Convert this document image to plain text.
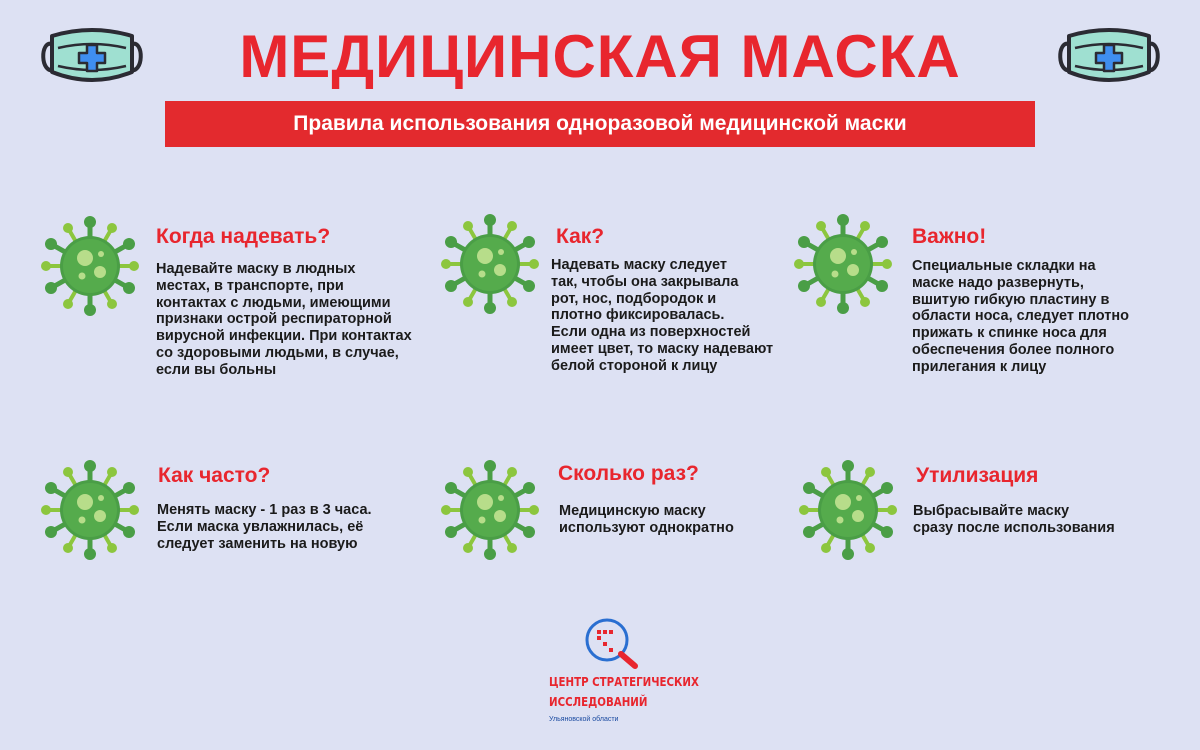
МЕДИЦИНСКАЯ МАСКА
Правила использования одноразовой медицинской маски
Когда надевать?
Надевайте маску в людных
местах, в транспорте, при
контактах с людьми, имеющими
признаки острой респираторной
вирусной инфекции. При контактах
со здоровыми людьми, в случае,
если вы больны
Как?
Надевать маску следует
так, чтобы она закрывала
рот, нос, подбородок и
плотно фиксировалась.
Если одна из поверхностей
имеет цвет, то маску надевают
белой стороной к лицу
Важно!
Специальные складки на
маске надо развернуть,
вшитую гибкую пластину в
области носа, следует плотно
прижать к спинке носа для
обеспечения более полного
прилегания к лицу
Как часто?
Менять маску - 1 раз в 3 часа.
Если маска увлажнилась, её
следует заменить на новую
Сколько раз?
Медицинскую маску
используют однократно
Утилизация
Выбрасывайте маску
сразу после использования
ЦЕНТР СТРАТЕГИЧЕСКИХ
ИССЛЕДОВАНИЙ
Ульяновской области
